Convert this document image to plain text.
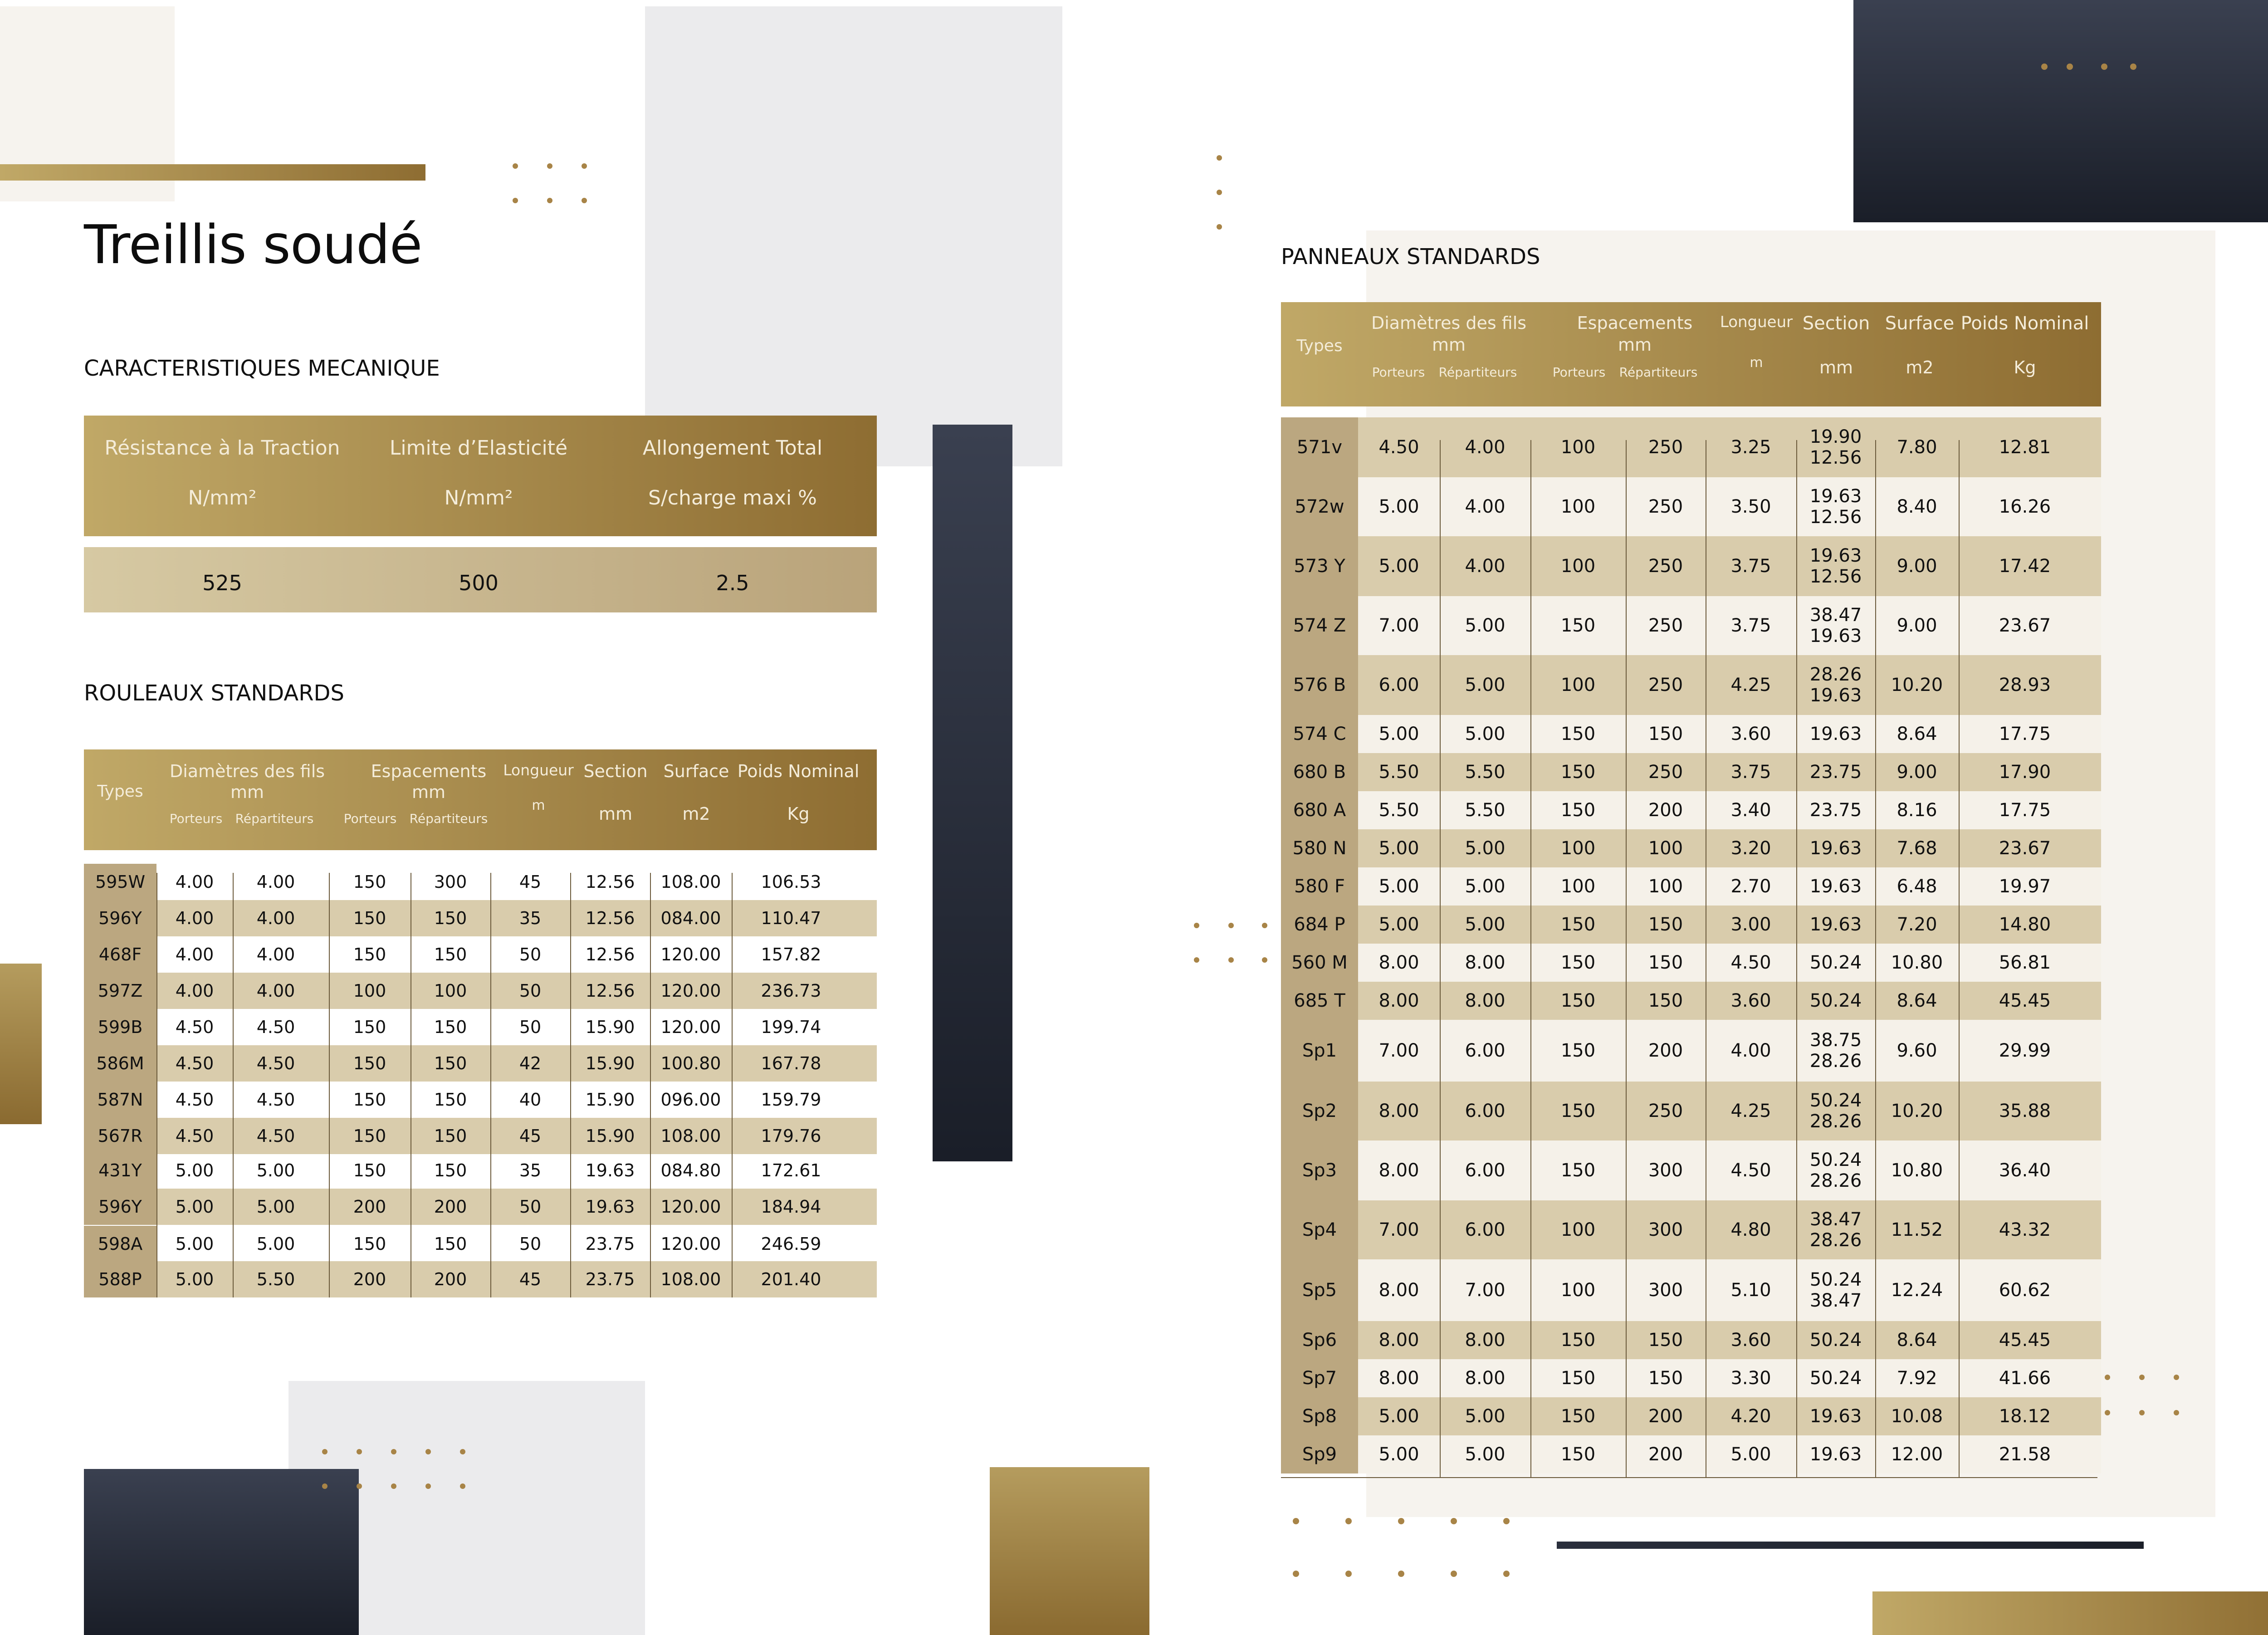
Treillis soudé
CARACTERISTIQUES MECANIQUE
Résistance à la Traction
N/mm²
Limite d’Elasticité
N/mm²
Allongement Total
S/charge maxi %
525	500	2.5
ROULEAUX STANDARDS
Types
Diamètres des fils
mm
Porteurs	Répartiteurs
Espacements
mm
Porteurs	Répartiteurs
Longueur
m
Section
mm
Surface
m2
Poids Nominal
Kg
595W	4.00	4.00	150	300	45	12.56	108.00	106.53
596Y	4.00	4.00	150	150	35	12.56	084.00	110.47
468F	4.00	4.00	150	150	50	12.56	120.00	157.82
597Z	4.00	4.00	100	100	50	12.56	120.00	236.73
599B	4.50	4.50	150	150	50	15.90	120.00	199.74
586M	4.50	4.50	150	150	42	15.90	100.80	167.78
587N	4.50	4.50	150	150	40	15.90	096.00	159.79
567R	4.50	4.50	150	150	45	15.90	108.00	179.76
431Y	5.00	5.00	150	150	35	19.63	084.80	172.61
596Y	5.00	5.00	200	200	50	19.63	120.00	184.94
598A	5.00	5.00	150	150	50	23.75	120.00	246.59
588P	5.00	5.50	200	200	45	23.75	108.00	201.40
PANNEAUX STANDARDS
Types
Diamètres des fils
mm
Porteurs	Répartiteurs
Espacements
mm
Porteurs	Répartiteurs
Longueur
m
Section
mm
Surface
m2
Poids Nominal
Kg
571v	4.50	4.00	100	250	3.25	19.90 12.56	7.80	12.81
572w	5.00	4.00	100	250	3.50	19.63 12.56	8.40	16.26
573 Y	5.00	4.00	100	250	3.75	19.63 12.56	9.00	17.42
574 Z	7.00	5.00	150	250	3.75	38.47 19.63	9.00	23.67
576 B	6.00	5.00	100	250	4.25	28.26 19.63	10.20	28.93
574 C	5.00	5.00	150	150	3.60	19.63	8.64	17.75
680 B	5.50	5.50	150	250	3.75	23.75	9.00	17.90
680 A	5.50	5.50	150	200	3.40	23.75	8.16	17.75
580 N	5.00	5.00	100	100	3.20	19.63	7.68	23.67
580 F	5.00	5.00	100	100	2.70	19.63	6.48	19.97
684 P	5.00	5.00	150	150	3.00	19.63	7.20	14.80
560 M	8.00	8.00	150	150	4.50	50.24	10.80	56.81
685 T	8.00	8.00	150	150	3.60	50.24	8.64	45.45
Sp1	7.00	6.00	150	200	4.00	38.75 28.26	9.60	29.99
Sp2	8.00	6.00	150	250	4.25	50.24 28.26	10.20	35.88
Sp3	8.00	6.00	150	300	4.50	50.24 28.26	10.80	36.40
Sp4	7.00	6.00	100	300	4.80	38.47 28.26	11.52	43.32
Sp5	8.00	7.00	100	300	5.10	50.24 38.47	12.24	60.62
Sp6	8.00	8.00	150	150	3.60	50.24	8.64	45.45
Sp7	8.00	8.00	150	150	3.30	50.24	7.92	41.66
Sp8	5.00	5.00	150	200	4.20	19.63	10.08	18.12
Sp9	5.00	5.00	150	200	5.00	19.63	12.00	21.58
